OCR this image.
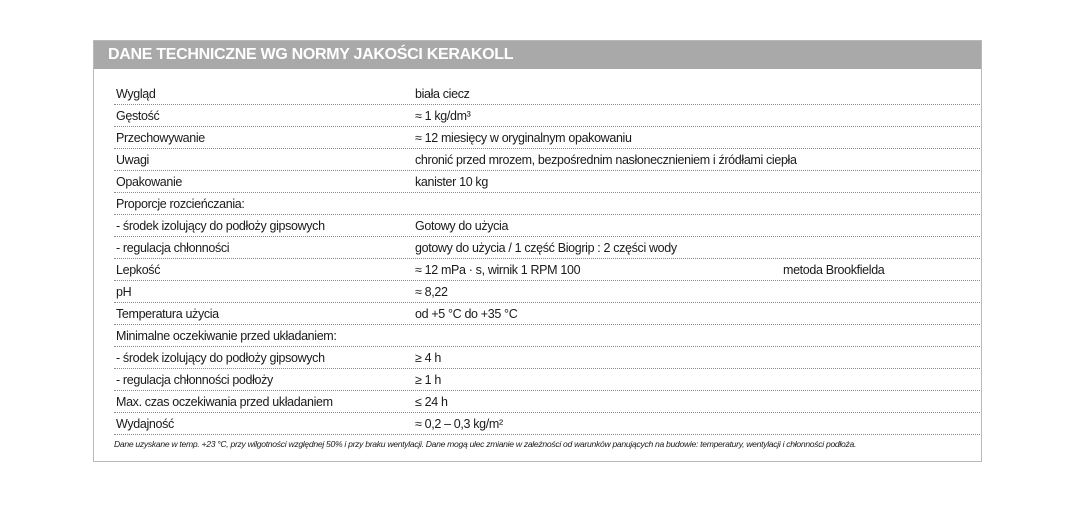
DANE TECHNICZNE WG NORMY JAKOŚCI KERAKOLL
Wygląd	biała ciecz
Gęstość	≈ 1 kg/dm³
Przechowywanie	≈ 12 miesięcy w oryginalnym opakowaniu
Uwagi	chronić przed mrozem, bezpośrednim nasłonecznieniem i źródłami ciepła
Opakowanie	kanister 10 kg
Proporcje rozcieńczania:
- środek izolujący do podłoży gipsowych	Gotowy do użycia
- regulacja chłonności	gotowy do użycia / 1 część Biogrip : 2 części wody
Lepkość	≈ 12 mPa · s, wirnik 1 RPM 100	metoda Brookfielda
pH	≈ 8,22
Temperatura użycia	od +5 °C do +35 °C
Minimalne oczekiwanie przed układaniem:
- środek izolujący do podłoży gipsowych	≥ 4 h
- regulacja chłonności podłoży	≥ 1 h
Max. czas oczekiwania przed układaniem	≤ 24 h
Wydajność	≈ 0,2 – 0,3 kg/m²
Dane uzyskane w temp. +23 °C, przy wilgotności względnej 50% i przy braku wentylacji. Dane mogą ulec zmianie w zależności od warunków panujących na budowie: temperatury, wentylacji i chłonności podłoża.
